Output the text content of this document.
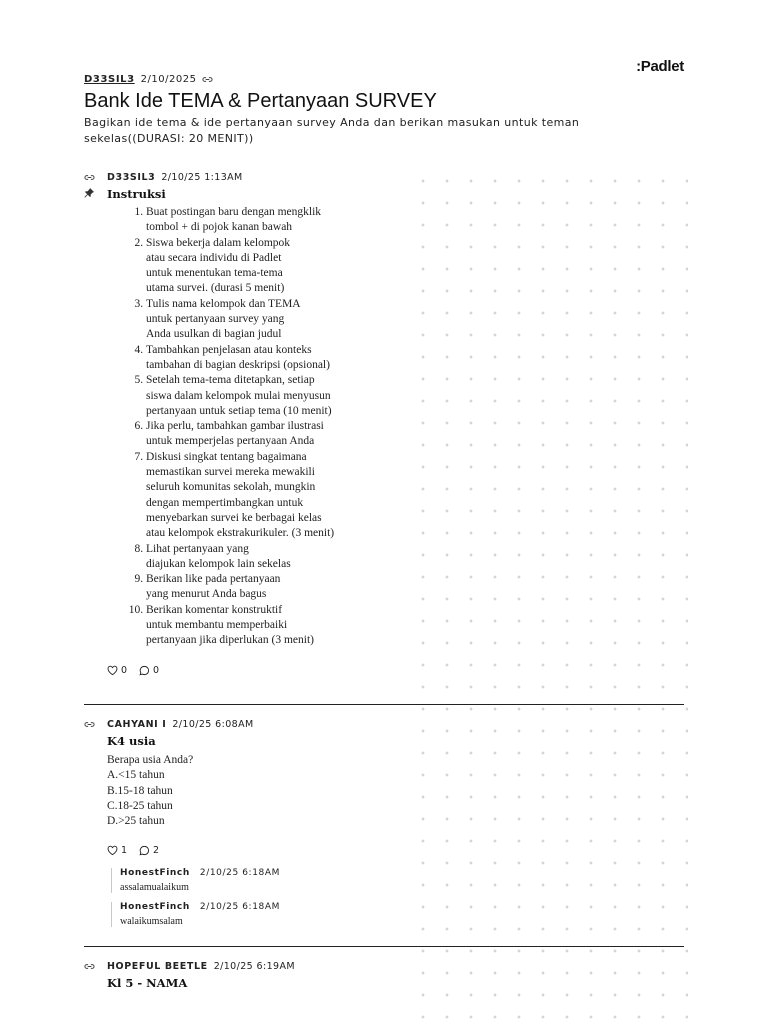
:Padlet
D33SIL3 2/10/2025
Bank Ide TEMA & Pertanyaan SURVEY

Bagikan ide tema & ide pertanyaan survey Anda dan berikan masukan untuk teman sekelas((DURASI: 20 MENIT))

D33SIL3 2/10/25 1:13AM
Instruksi
1. Buat postingan baru dengan mengklik
tombol + di pojok kanan bawah
2. Siswa bekerja dalam kelompok
atau secara individu di Padlet
untuk menentukan tema-tema
utama survei. (durasi 5 menit)
3. Tulis nama kelompok dan TEMA
untuk pertanyaan survey yang
Anda usulkan di bagian judul
4. Tambahkan penjelasan atau konteks
tambahan di bagian deskripsi (opsional)
5. Setelah tema-tema ditetapkan, setiap
siswa dalam kelompok mulai menyusun
pertanyaan untuk setiap tema (10 menit)
6. Jika perlu, tambahkan gambar ilustrasi
untuk memperjelas pertanyaan Anda
7. Diskusi singkat tentang bagaimana
memastikan survei mereka mewakili
seluruh komunitas sekolah, mungkin
dengan mempertimbangkan untuk
menyebarkan survei ke berbagai kelas
atau kelompok ekstrakurikuler. (3 menit)
8. Lihat pertanyaan yang
diajukan kelompok lain sekelas
9. Berikan like pada pertanyaan
yang menurut Anda bagus
10. Berikan komentar konstruktif
untuk membantu memperbaiki
pertanyaan jika diperlukan (3 menit)
0	0
CAHYANI I 2/10/25 6:08AM
K4 usia
Berapa usia Anda?
A.<15 tahun
B.15-18 tahun
C.18-25 tahun
D.>25 tahun
1	2
HonestFinch 2/10/25 6:18AM
assalamualaikum
HonestFinch 2/10/25 6:18AM
walaikumsalam
HOPEFUL BEETLE 2/10/25 6:19AM
Kl 5 - NAMA
